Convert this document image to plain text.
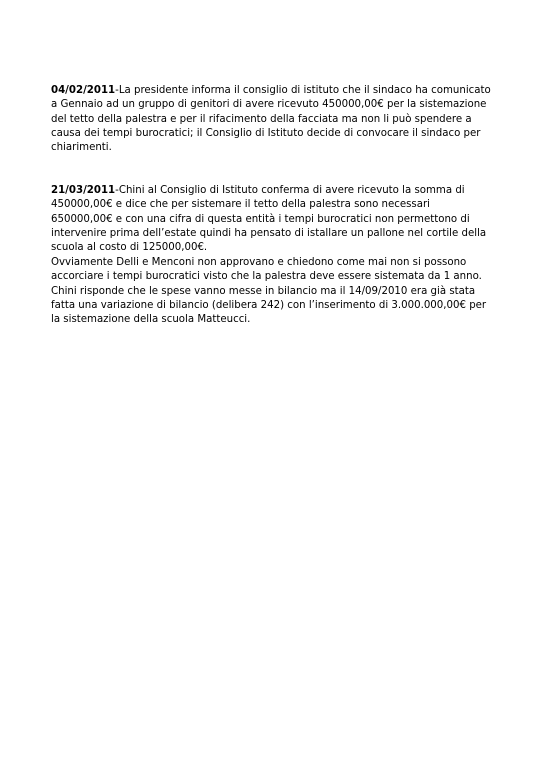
04/02/2011-La presidente informa il consiglio di istituto che il sindaco ha comunicato a Gennaio ad un gruppo di genitori di avere ricevuto 450000,00€ per la sistemazione del tetto della palestra e per il rifacimento della facciata ma non li può spendere a causa dei tempi burocratici; il Consiglio di Istituto decide di convocare il sindaco per chiarimenti.

21/03/2011-Chini al Consiglio di Istituto conferma di avere ricevuto la somma di 450000,00€ e dice che per sistemare il tetto della palestra sono necessari 650000,00€ e con una cifra di questa entità i tempi burocratici non permettono di intervenire prima dell’estate quindi ha pensato di istallare un pallone nel cortile della scuola al costo di 125000,00€.

Ovviamente Delli e Menconi non approvano e chiedono come mai non si possono accorciare i tempi burocratici visto che la palestra deve essere sistemata da 1 anno. Chini risponde che le spese vanno messe in bilancio ma il 14/09/2010 era già stata fatta una variazione di bilancio (delibera 242) con l’inserimento di 3.000.000,00€ per la sistemazione della scuola Matteucci.
